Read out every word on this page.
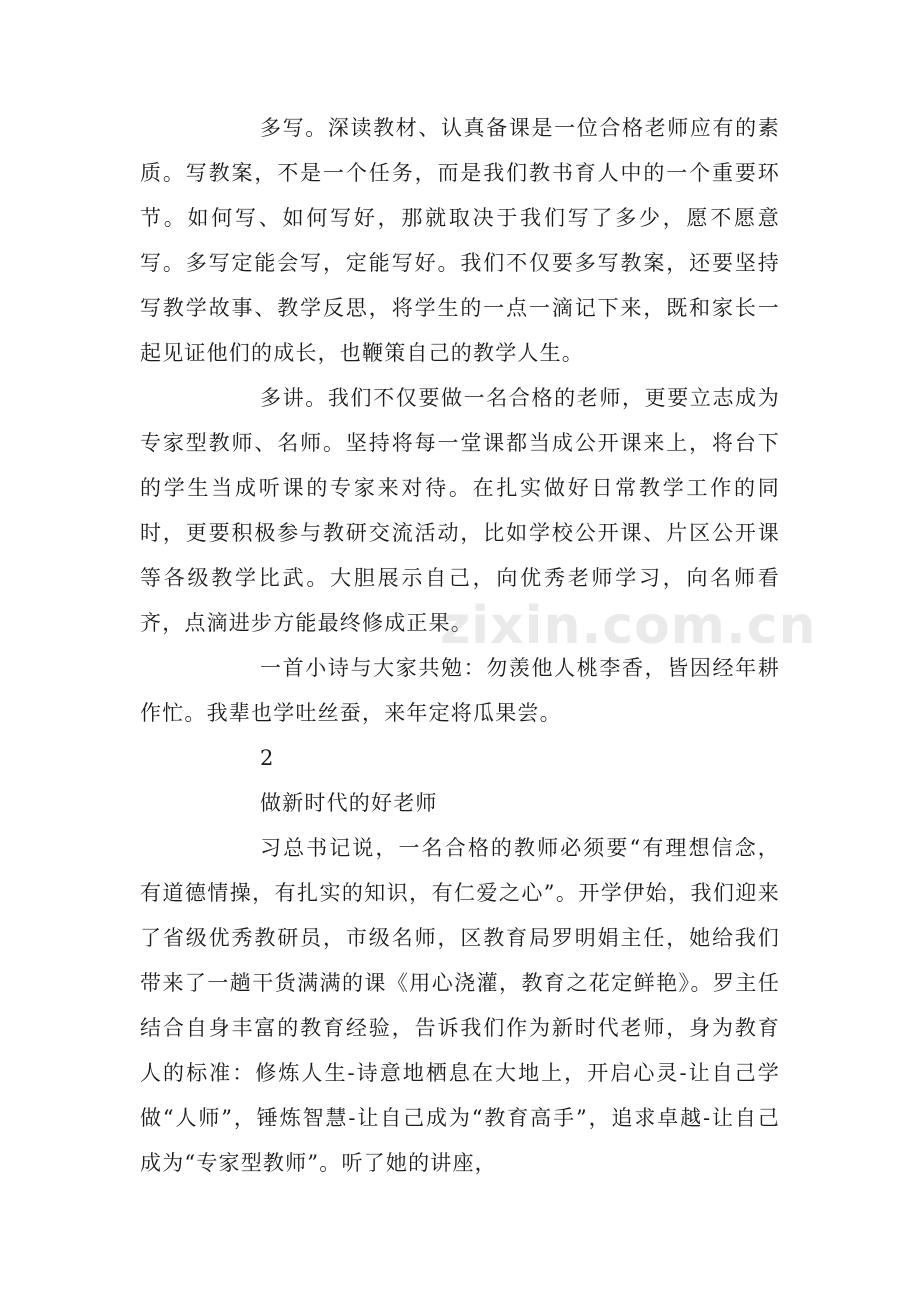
多写。深读教材、认真备课是一位合格老师应有的素质。写教案，不是一个任务，而是我们教书育人中的一个重要环节。如何写、如何写好，那就取决于我们写了多少，愿不愿意写。多写定能会写，定能写好。我们不仅要多写教案，还要坚持写教学故事、教学反思，将学生的一点一滴记下来，既和家长一起见证他们的成长，也鞭策自己的教学人生。

多讲。我们不仅要做一名合格的老师，更要立志成为专家型教师、名师。坚持将每一堂课都当成公开课来上，将台下的学生当成听课的专家来对待。在扎实做好日常教学工作的同时，更要积极参与教研交流活动，比如学校公开课、片区公开课等各级教学比武。大胆展示自己，向优秀老师学习，向名师看齐，点滴进步方能最终修成正果。

一首小诗与大家共勉：勿羡他人桃李香，皆因经年耕作忙。我辈也学吐丝蚕，来年定将瓜果尝。

2

做新时代的好老师

习总书记说，一名合格的教师必须要“有理想信念，有道德情操，有扎实的知识，有仁爱之心”。开学伊始，我们迎来了省级优秀教研员，市级名师，区教育局罗明娟主任，她给我们带来了一趟干货满满的课《用心浇灌，教育之花定鲜艳》。罗主任结合自身丰富的教育经验，告诉我们作为新时代老师，身为教育人的标准：修炼人生-诗意地栖息在大地上，开启心灵-让自己学做“人师”，锤炼智慧-让自己成为“教育高手”，追求卓越-让自己成为“专家型教师”。听了她的讲座，

zixin.com.cn
